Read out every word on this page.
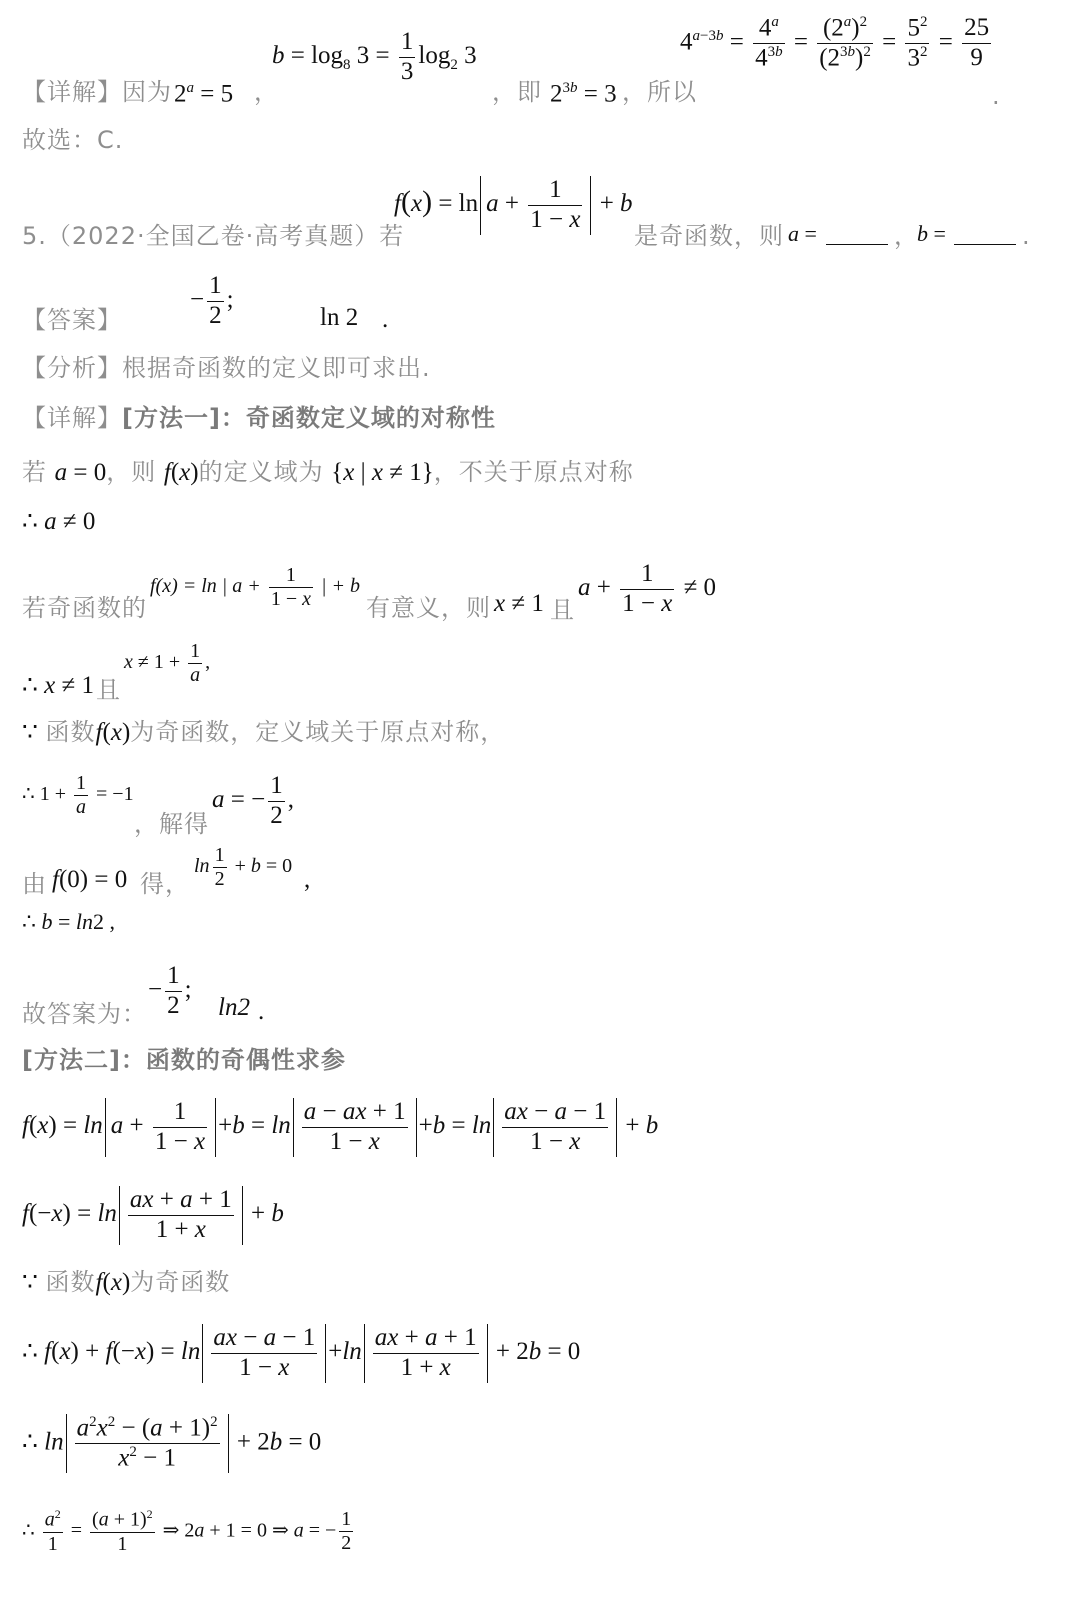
【详解】因为 $2^a = 5$ ，
$b = \log_8 3 = \frac{1}{3} \log_2 3$
，即 $2^{3b} = 3$ ，所以
$4^{a-3b} = \frac{4^a}{4^{3b}} = \frac{(2^a)^2}{(2^{3b})^2} = \frac{5^2}{3^2} = \frac{25}{9}$
.
故选：C.
5.（2022·全国乙卷·高考真题）若
$f(x) = \ln a + \frac{1}{1 - x} + b$
是奇函数，则 a =	，
b =	.
【答案】
− $\frac{1}{2}$ ;
ln 2 .
【分析】根据奇函数的定义即可求出.
【详解】[方法一]：奇函数定义域的对称性
若 a = 0，则 f(x)的定义域为 {x | x ≠ 1}，不关于原点对称
∴ a ≠ 0
若奇函数的
f(x) = ln | $a + \frac{1}{1 - x}$ | + b
有意义，则 x ≠ 1 且
$a + \frac{1}{1 - x} \ne 0$
∴ x ≠ 1 且
$x \ne 1 + \frac{1}{a}$ ,
∵ 函数f(x)为奇函数，定义域关于原点对称，
∴ $1 + \frac{1}{a} = -1$
，解得
a = − $\frac{1}{2}$ ,
由 f(0) = 0 得，
$\ln \frac{1}{2} + b = 0$ ,
∴ b = ln2 ,
故答案为：
− $\frac{1}{2}$ ;
ln2 .
[方法二]：函数的奇偶性求参
$f(x) = \ln a + \frac{1}{1 - x} +b = \ln \frac{a - ax + 1}{1 - x} +b = \ln \frac{ax - a - 1}{1 - x} + b$
$f(-x) = \ln \frac{ax + a + 1}{1 + x} + b$
∵ 函数f(x)为奇函数
∴ $f(x) + f(-x) = \ln \frac{ax - a - 1}{1 - x} +\ln \frac{ax + a + 1}{1 + x} + 2b = 0$
∴ $\ln \frac{a^2x^2 - (a + 1)^2}{x^2 - 1} + 2b = 0$
∴ $\frac{a^2}{1} = \frac{(a + 1)^2}{1}$ ⇒ 2a + 1 = 0 ⇒ a = − $\frac{1}{2}$
